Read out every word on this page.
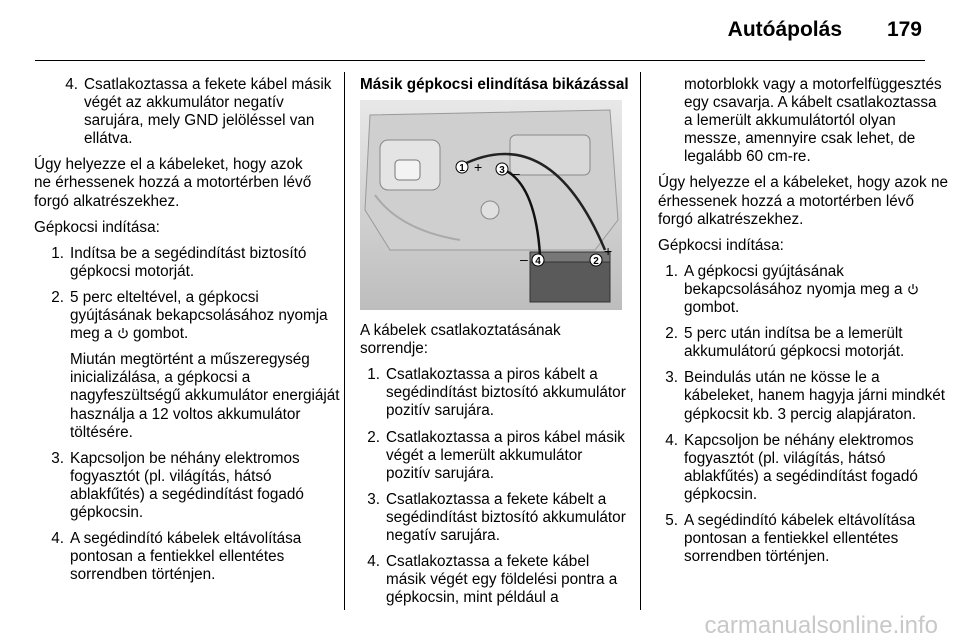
Autóápolás 179
4. Csatlakoztassa a fekete kábel másik végét az akkumulátor negatív sarujára, mely GND jelöléssel van ellátva.

Úgy helyezze el a kábeleket, hogy azok ne érhessenek hozzá a motortérben lévő forgó alkatrészekhez.

Gépkocsi indítása:

1. Indítsa be a segédindítást biztosító gépkocsi motorját.
2. 5 perc elteltével, a gépkocsi gyújtásának bekapcsolásához nyomja meg a gombot.

Miután megtörtént a műszeregység inicializálása, a gépkocsi a nagyfeszültségű akkumulátor energiáját használja a 12 voltos akkumulátor töltésére.

3. Kapcsoljon be néhány elektromos fogyasztót (pl. világítás, hátsó ablakfűtés) a segédindítást fogadó gépkocsin.
4. A segédindító kábelek eltávolítása pontosan a fentiekkel ellentétes sorrendben történjen.
Másik gépkocsi elindítása bikázással
1 + 3 –
4
–	2
+

A kábelek csatlakoztatásának sorrendje:

1. Csatlakoztassa a piros kábelt a segédindítást biztosító akkumulátor pozitív sarujára.
2. Csatlakoztassa a piros kábel másik végét a lemerült akkumulátor pozitív sarujára.
3. Csatlakoztassa a fekete kábelt a segédindítást biztosító akkumulátor negatív sarujára.
4. Csatlakoztassa a fekete kábel másik végét egy földelési pontra a gépkocsin, mint például a

motorblokk vagy a motorfelfüggesztés egy csavarja. A kábelt csatlakoztassa a lemerült akkumulátortól olyan messze, amennyire csak lehet, de legalább 60 cm-re.

Úgy helyezze el a kábeleket, hogy azok ne érhessenek hozzá a motortérben lévő forgó alkatrészekhez.

Gépkocsi indítása:

1. A gépkocsi gyújtásának bekapcsolásához nyomja meg a  gombot.
2. 5 perc után indítsa be a lemerült akkumulátorú gépkocsi motorját.
3. Beindulás után ne kösse le a kábeleket, hanem hagyja járni mindkét gépkocsit kb. 3 percig alapjáraton.
4. Kapcsoljon be néhány elektromos fogyasztót (pl. világítás, hátsó ablakfűtés) a segédindítást fogadó gépkocsin.
5. A segédindító kábelek eltávolítása pontosan a fentiekkel ellentétes sorrendben történjen.
carmanualsonline.info
